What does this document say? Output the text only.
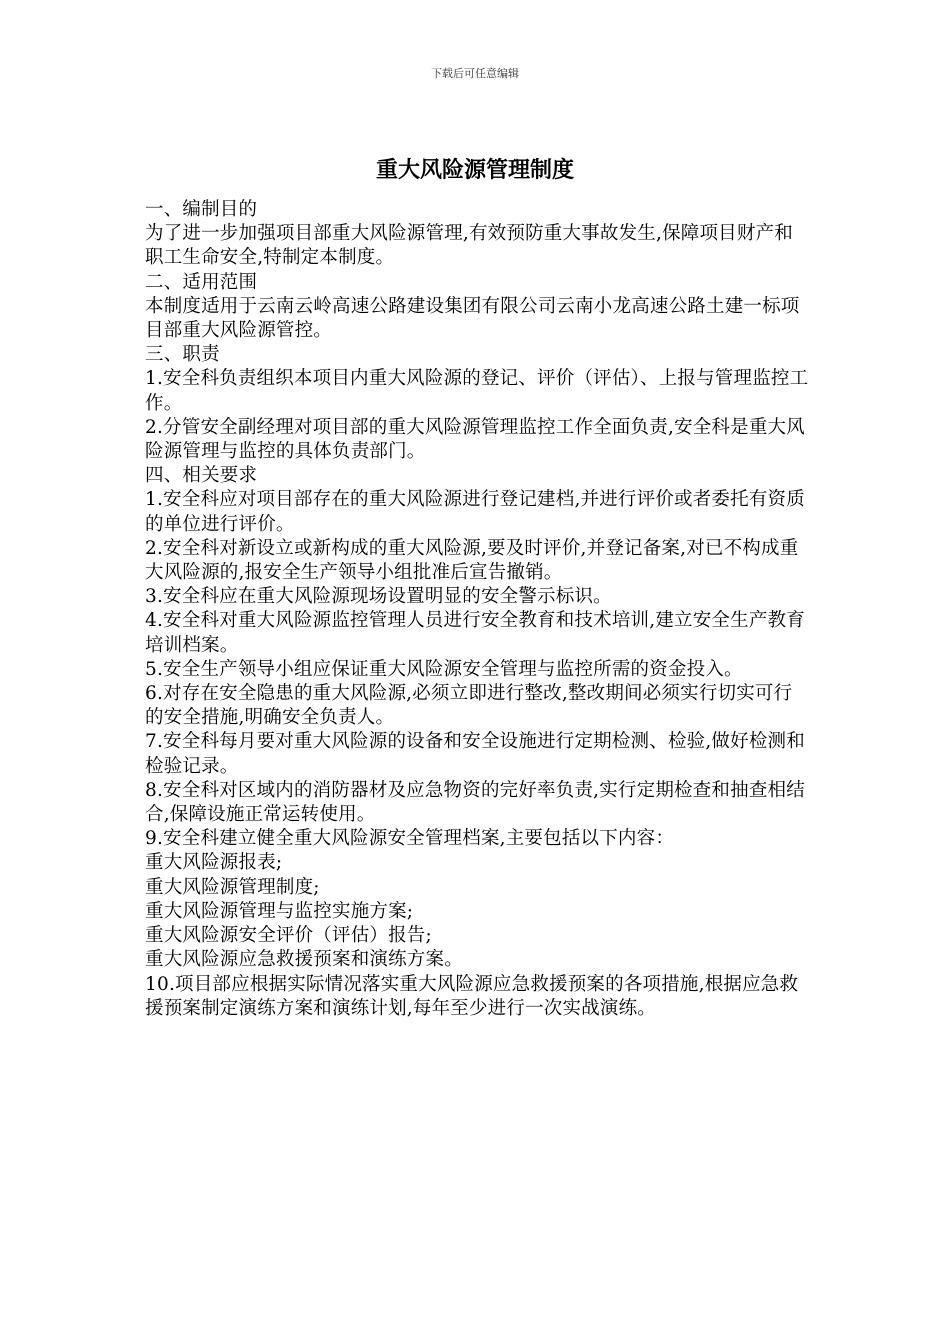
下载后可任意编辑
重大风险源管理制度

一、编制目的

为了进一步加强项目部重大风险源管理,有效预防重大事故发生,保障项目财产和职工生命安全,特制定本制度。

二、适用范围

本制度适用于云南云岭高速公路建设集团有限公司云南小龙高速公路土建一标项目部重大风险源管控。

三、职责

1.安全科负责组织本项目内重大风险源的登记、评价（评估）、上报与管理监控工作。

2.分管安全副经理对项目部的重大风险源管理监控工作全面负责,安全科是重大风险源管理与监控的具体负责部门。

四、相关要求

1.安全科应对项目部存在的重大风险源进行登记建档,并进行评价或者委托有资质的单位进行评价。

2.安全科对新设立或新构成的重大风险源,要及时评价,并登记备案,对已不构成重大风险源的,报安全生产领导小组批准后宣告撤销。

3.安全科应在重大风险源现场设置明显的安全警示标识。

4.安全科对重大风险源监控管理人员进行安全教育和技术培训,建立安全生产教育培训档案。

5.安全生产领导小组应保证重大风险源安全管理与监控所需的资金投入。

6.对存在安全隐患的重大风险源,必须立即进行整改,整改期间必须实行切实可行的安全措施,明确安全负责人。

7.安全科每月要对重大风险源的设备和安全设施进行定期检测、检验,做好检测和检验记录。

8.安全科对区域内的消防器材及应急物资的完好率负责,实行定期检查和抽查相结合,保障设施正常运转使用。

9.安全科建立健全重大风险源安全管理档案,主要包括以下内容：

重大风险源报表;

重大风险源管理制度;

重大风险源管理与监控实施方案;

重大风险源安全评价（评估）报告;

重大风险源应急救援预案和演练方案。

10.项目部应根据实际情况落实重大风险源应急救援预案的各项措施,根据应急救援预案制定演练方案和演练计划,每年至少进行一次实战演练。
